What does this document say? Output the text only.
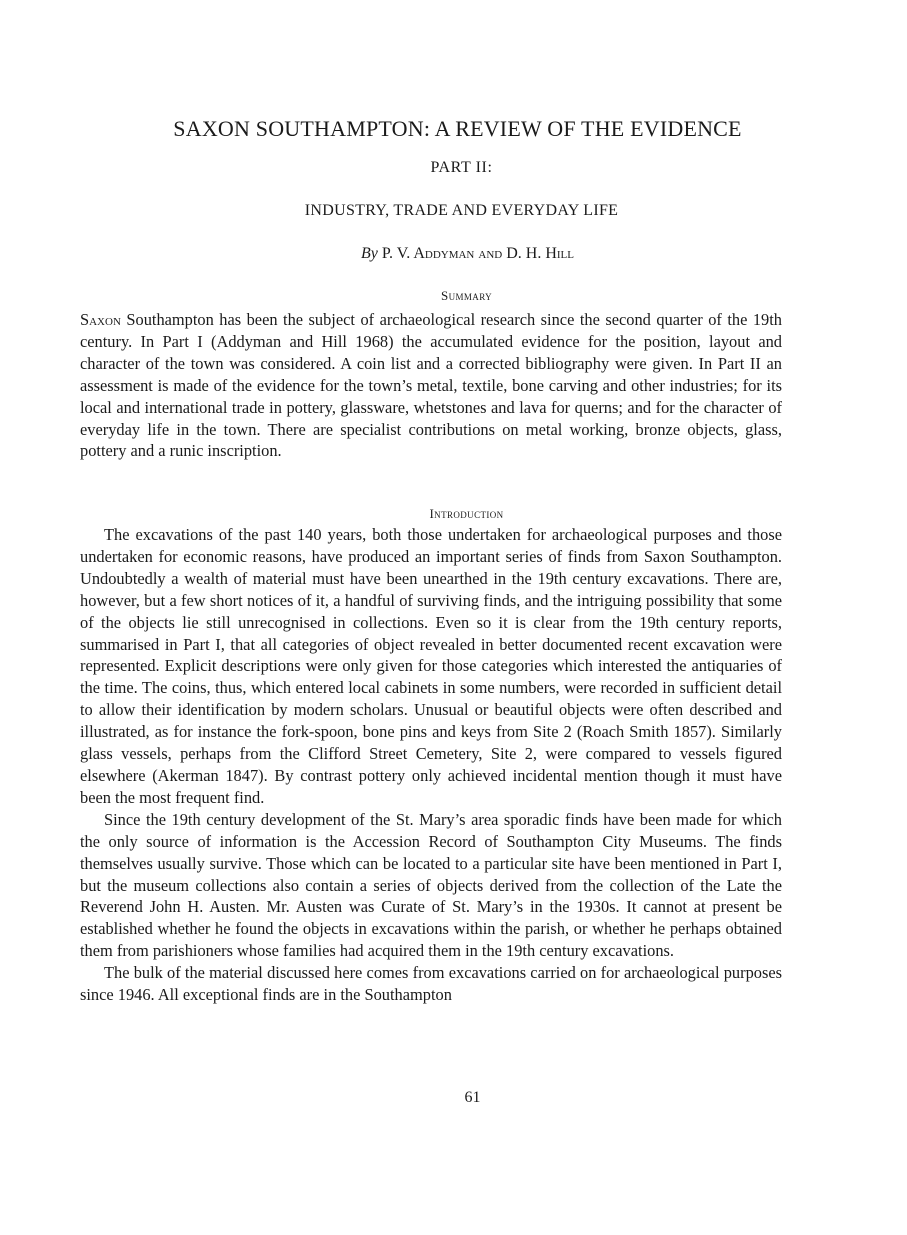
SAXON SOUTHAMPTON: A REVIEW OF THE EVIDENCE
PART II:
INDUSTRY, TRADE AND EVERYDAY LIFE
By P. V. Addyman and D. H. Hill
Summary

Saxon Southampton has been the subject of archaeological research since the second quarter of the 19th century. In Part I (Addyman and Hill 1968) the accumulated evidence for the position, layout and character of the town was considered. A coin list and a corrected bibliography were given. In Part II an assessment is made of the evidence for the town’s metal, textile, bone carving and other industries; for its local and international trade in pottery, glassware, whetstones and lava for querns; and for the character of everyday life in the town. There are specialist contributions on metal working, bronze objects, glass, pottery and a runic inscription.

Introduction

The excavations of the past 140 years, both those undertaken for archaeological purposes and those undertaken for economic reasons, have produced an important series of finds from Saxon Southampton. Undoubtedly a wealth of material must have been unearthed in the 19th century excavations. There are, however, but a few short notices of it, a handful of surviving finds, and the intriguing possibility that some of the objects lie still unrecognised in collections. Even so it is clear from the 19th century reports, summarised in Part I, that all categories of object revealed in better documented recent excavation were represented. Explicit descriptions were only given for those categories which interested the antiquaries of the time. The coins, thus, which entered local cabinets in some numbers, were recorded in sufficient detail to allow their identification by modern scholars. Unusual or beautiful objects were often described and illustrated, as for instance the fork-spoon, bone pins and keys from Site 2 (Roach Smith 1857). Similarly glass vessels, perhaps from the Clifford Street Cemetery, Site 2, were compared to vessels figured elsewhere (Akerman 1847). By contrast pottery only achieved incidental mention though it must have been the most frequent find.

Since the 19th century development of the St. Mary’s area sporadic finds have been made for which the only source of information is the Accession Record of Southampton City Museums. The finds themselves usually survive. Those which can be located to a particular site have been mentioned in Part I, but the museum collections also contain a series of objects derived from the collection of the Late the Reverend John H. Austen. Mr. Austen was Curate of St. Mary’s in the 1930s. It cannot at present be established whether he found the objects in excavations within the parish, or whether he perhaps obtained them from parishioners whose families had acquired them in the 19th century excavations.

The bulk of the material discussed here comes from excavations carried on for archaeological purposes since 1946. All exceptional finds are in the Southampton

61
